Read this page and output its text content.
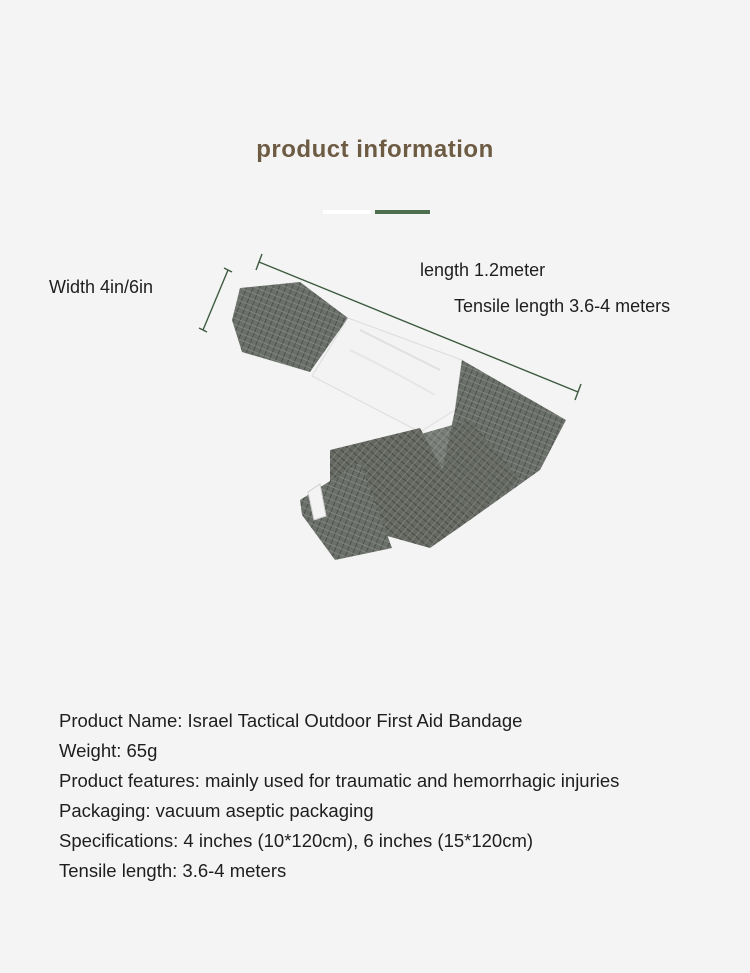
product information
Width 4in/6in
length 1.2meter
Tensile length 3.6-4 meters
Product Name: Israel Tactical Outdoor First Aid Bandage
Weight: 65g
Product features: mainly used for traumatic and hemorrhagic injuries
Packaging: vacuum aseptic packaging
Specifications: 4 inches (10*120cm), 6 inches (15*120cm)
Tensile length: 3.6-4 meters
